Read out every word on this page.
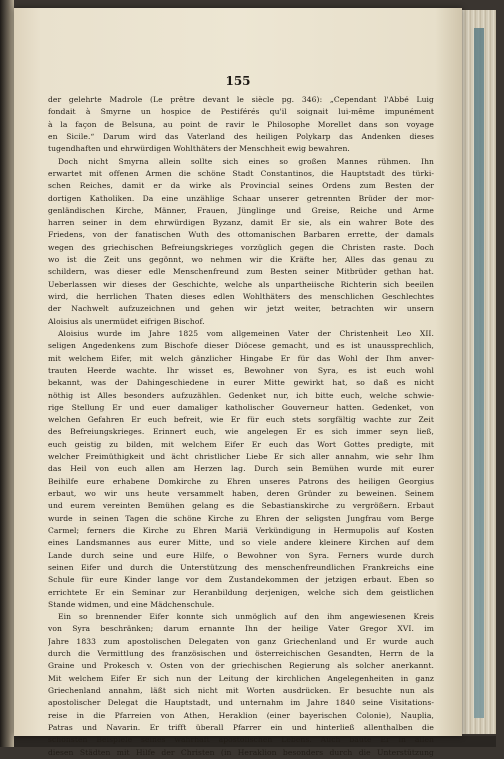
155
der gelehrte Madrole (Le prêtre devant le siècle pg. 346): „Cependant l'Abbé Luig
fondait à Smyrne un hospice de Pestiférés qu'il soignait lui-même impunément
à la façon de Belsuna, au point de ravir le Philosophe Morellet dans son voyage
en Sicile.“ Darum wird das Vaterland des heiligen Polykarp das Andenken dieses
tugendhaften und ehrwürdigen Wohlthäters der Menschheit ewig bewahren.
Doch nicht Smyrna allein sollte sich eines so großen Mannes rühmen. Ihn
erwartet mit offenen Armen die schöne Stadt Constantinos, die Hauptstadt des türki-
schen Reiches, damit er da wirke als Provincial seines Ordens zum Besten der
dortigen Katholiken. Da eine unzählige Schaar unserer getrennten Brüder der mor-
genländischen Kirche, Männer, Frauen, Jünglinge und Greise, Reiche und Arme
harren seiner in dem ehrwürdigen Byzanz, damit Er sie, als ein wahrer Bote des
Friedens, von der fanatischen Wuth des ottomanischen Barbaren errette, der damals
wegen des griechischen Befreiungskrieges vorzüglich gegen die Christen raste. Doch
wo ist die Zeit uns gegönnt, wo nehmen wir die Kräfte her, Alles das genau zu
schildern, was dieser edle Menschenfreund zum Besten seiner Mitbrüder gethan hat.
Ueberlassen wir dieses der Geschichte, welche als unpartheiische Richterin sich beeilen
wird, die herrlichen Thaten dieses edlen Wohlthäters des menschlichen Geschlechtes
der Nachwelt aufzuzeichnen und gehen wir jetzt weiter, betrachten wir unsern
Aloisius als unermüdet eifrigen Bischof.
Aloisius wurde im Jahre 1825 vom allgemeinen Vater der Christenheit Leo XII.
seligen Angedenkens zum Bischofe dieser Diöcese gemacht, und es ist unaussprechlich,
mit welchem Eifer, mit welch gänzlicher Hingabe Er für das Wohl der Ihm anver-
trauten Heerde wachte. Ihr wisset es, Bewohner von Syra, es ist euch wohl
bekannt, was der Dahingeschiedene in eurer Mitte gewirkt hat, so daß es nicht
nöthig ist Alles besonders aufzuzählen. Gedenket nur, ich bitte euch, welche schwie-
rige Stellung Er und euer damaliger katholischer Gouverneur hatten. Gedenket, von
welchen Gefahren Er euch befreit, wie Er für euch stets sorgfältig wachte zur Zeit
des Befreiungskrieges. Erinnert euch, wie angelegen Er es sich immer seyn ließ,
euch geistig zu bilden, mit welchem Eifer Er euch das Wort Gottes predigte, mit
welcher Freimüthigkeit und ächt christlicher Liebe Er sich aller annahm, wie sehr Ihm
das Heil von euch allen am Herzen lag. Durch sein Bemühen wurde mit eurer
Beihilfe eure erhabene Domkirche zu Ehren unseres Patrons des heiligen Georgius
erbaut, wo wir uns heute versammelt haben, deren Gründer zu beweinen. Seinem
und eurem vereinten Bemühen gelang es die Sebastianskirche zu vergrößern. Erbaut
wurde in seinen Tagen die schöne Kirche zu Ehren der seligsten Jungfrau vom Berge
Carmel; ferners die Kirche zu Ehren Mariä Verkündigung in Hermupolis auf Kosten
eines Landsmannes aus eurer Mitte, und so viele andere kleinere Kirchen auf dem
Lande durch seine und eure Hilfe, o Bewohner von Syra. Ferners wurde durch
seinen Eifer und durch die Unterstützung des menschenfreundlichen Frankreichs eine
Schule für eure Kinder lange vor dem Zustandekommen der jetzigen erbaut. Eben so
errichtete Er ein Seminar zur Heranbildung derjenigen, welche sich dem geistlichen
Stande widmen, und eine Mädchenschule.
Ein so brennender Eifer konnte sich unmöglich auf den ihm angewiesenen Kreis
von Syra beschränken; darum ernannte Ihn der heilige Vater Gregor XVI. im
Jahre 1833 zum apostolischen Delegaten von ganz Griechenland und Er wurde auch
durch die Vermittlung des französischen und österreichischen Gesandten, Herrn de la
Graine und Prokesch v. Osten von der griechischen Regierung als solcher anerkannt.
Mit welchem Eifer Er sich nun der Leitung der kirchlichen Angelegenheiten in ganz
Griechenland annahm, läßt sich nicht mit Worten ausdrücken. Er besuchte nun als
apostolischer Delegat die Hauptstadt, und unternahm im Jahre 1840 seine Visitations-
reise in die Pfarreien von Athen, Heraklion (einer bayerischen Colonie), Nauplia,
Patras und Navarin. Er trifft überall Pfarrer ein und hinterließ allenthalben die
schönsten Beispiele seines wahrhaft apostolischen Lebens. Auch baute Er in allen
diesen Städten mit Hilfe der Christen (in Heraklion besonders durch die Unterstützung
